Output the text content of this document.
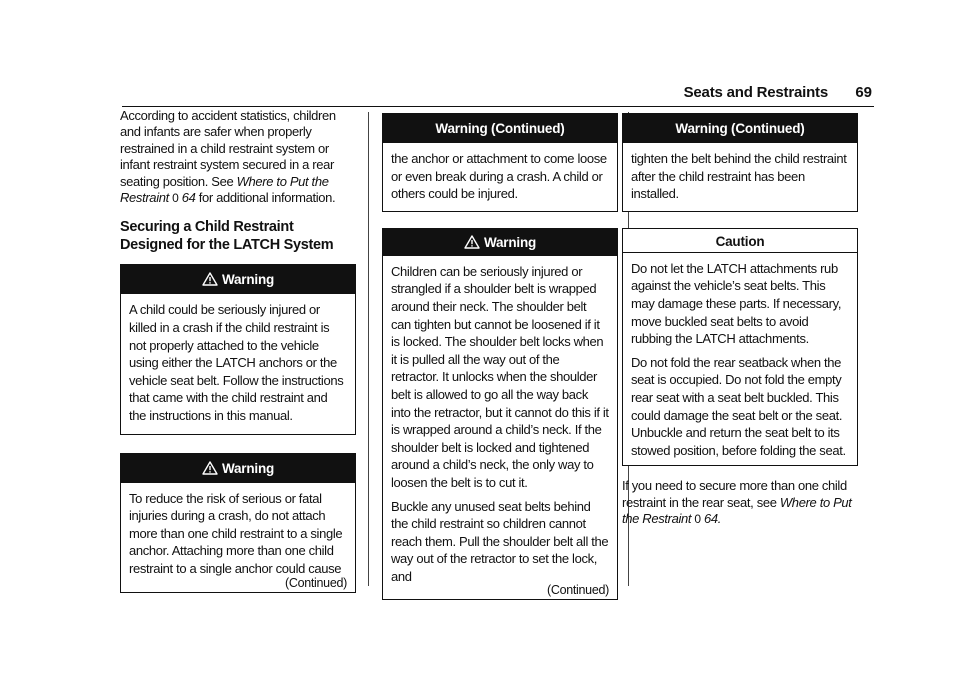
Seats and Restraints 69

According to accident statistics, children and infants are safer when properly restrained in a child restraint system or infant restraint system secured in a rear seating position. See Where to Put the Restraint 0 64 for additional information.

Securing a Child Restraint Designed for the LATCH System
Warning

A child could be seriously injured or killed in a crash if the child restraint is not properly attached to the vehicle using either the LATCH anchors or the vehicle seat belt. Follow the instructions that came with the child restraint and the instructions in this manual.

Warning

To reduce the risk of serious or fatal injuries during a crash, do not attach more than one child restraint to a single anchor. Attaching more than one child restraint to a single anchor could cause

(Continued)
Warning (Continued)

the anchor or attachment to come loose or even break during a crash. A child or others could be injured.

Warning

Children can be seriously injured or strangled if a shoulder belt is wrapped around their neck. The shoulder belt can tighten but cannot be loosened if it is locked. The shoulder belt locks when it is pulled all the way out of the retractor. It unlocks when the shoulder belt is allowed to go all the way back into the retractor, but it cannot do this if it is wrapped around a child’s neck. If the shoulder belt is locked and tightened around a child’s neck, the only way to loosen the belt is to cut it.

Buckle any unused seat belts behind the child restraint so children cannot reach them. Pull the shoulder belt all the way out of the retractor to set the lock, and

(Continued)
Warning (Continued)

tighten the belt behind the child restraint after the child restraint has been installed.

Caution

Do not let the LATCH attachments rub against the vehicle’s seat belts. This may damage these parts. If necessary, move buckled seat belts to avoid rubbing the LATCH attachments.

Do not fold the rear seatback when the seat is occupied. Do not fold the empty rear seat with a seat belt buckled. This could damage the seat belt or the seat. Unbuckle and return the seat belt to its stowed position, before folding the seat.

If you need to secure more than one child restraint in the rear seat, see Where to Put the Restraint 0 64.
